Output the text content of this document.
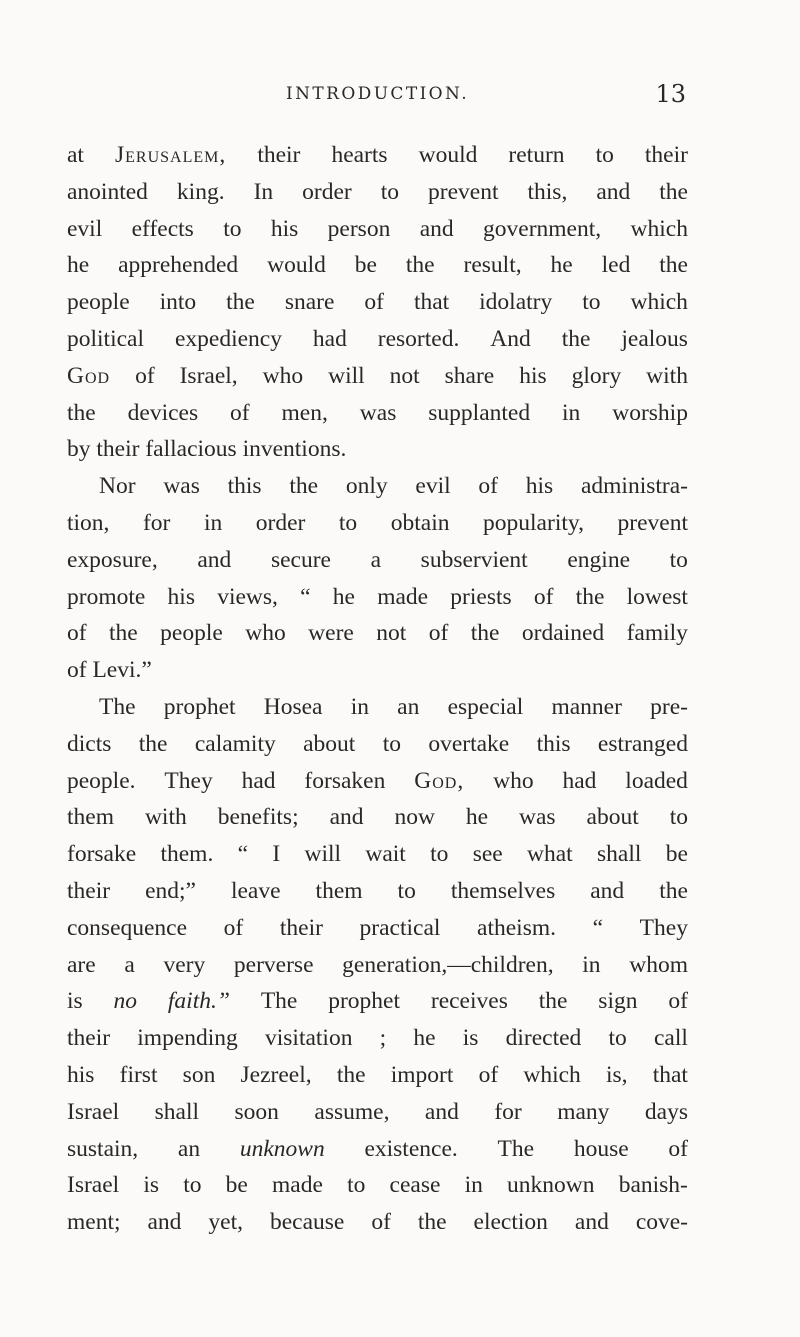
INTRODUCTION.	13
at Jerusalem, their hearts would return to their
anointed king. In order to prevent this, and the
evil effects to his person and government, which
he apprehended would be the result, he led the
people into the snare of that idolatry to which
political expediency had resorted. And the jealous
God of Israel, who will not share his glory with
the devices of men, was supplanted in worship
by
their
fallacious
inventions.
Nor was this the only evil of his administra-
tion, for in order to obtain popularity, prevent
exposure, and secure a subservient engine to
promote his views, “ he made priests of the lowest
of the people who were not of the ordained family
of
Levi.”
The prophet Hosea in an especial manner pre-
dicts the calamity about to overtake this estranged
people. They had forsaken God, who had loaded
them with benefits; and now he was about to
forsake them. “ I will wait to see what shall be
their end;” leave them to themselves and the
consequence of their practical atheism. “ They
are a very perverse generation,—children, in whom
is no faith.” The prophet receives the sign of
their impending visitation ; he is directed to call
his first son Jezreel, the import of which is, that
Israel shall soon assume, and for many days
sustain, an unknown existence. The house of
Israel is to be made to cease in unknown banish-
ment; and yet, because of the election and cove-
